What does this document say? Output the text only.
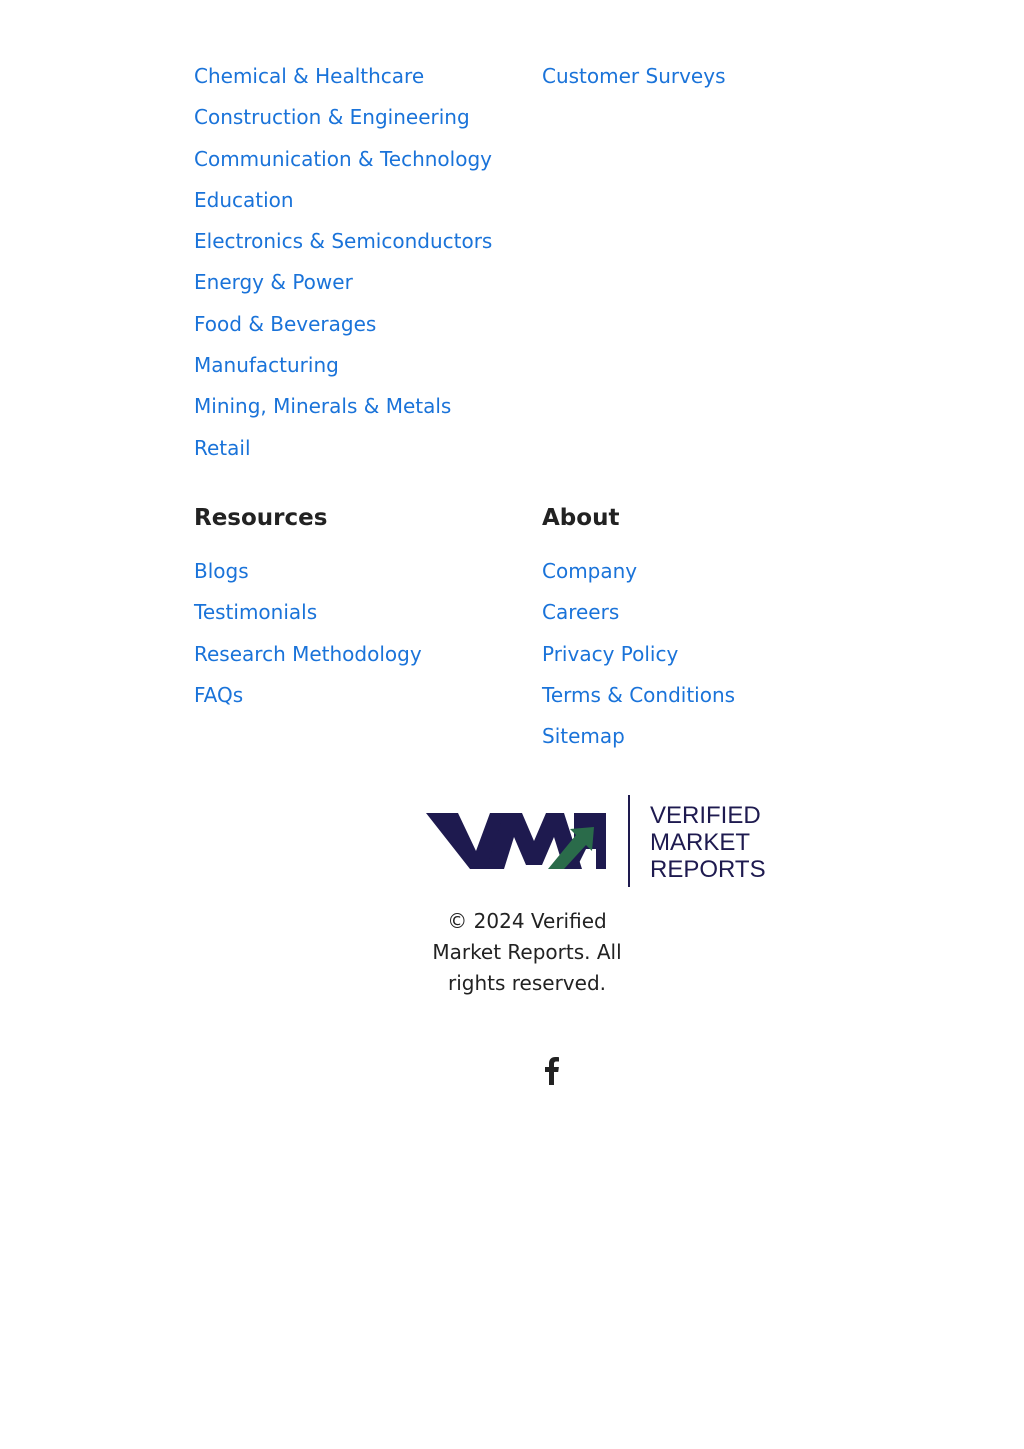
Chemical & Healthcare
Construction & Engineering
Communication & Technology
Education
Electronics & Semiconductors
Energy & Power
Food & Beverages
Manufacturing
Mining, Minerals & Metals
Retail
Customer Surveys
Resources
Blogs
Testimonials
Research Methodology
FAQs
About
Company
Careers
Privacy Policy
Terms & Conditions
Sitemap
VERIFIED
MARKET
REPORTS
© 2024 Verified
Market Reports. All
rights reserved.
